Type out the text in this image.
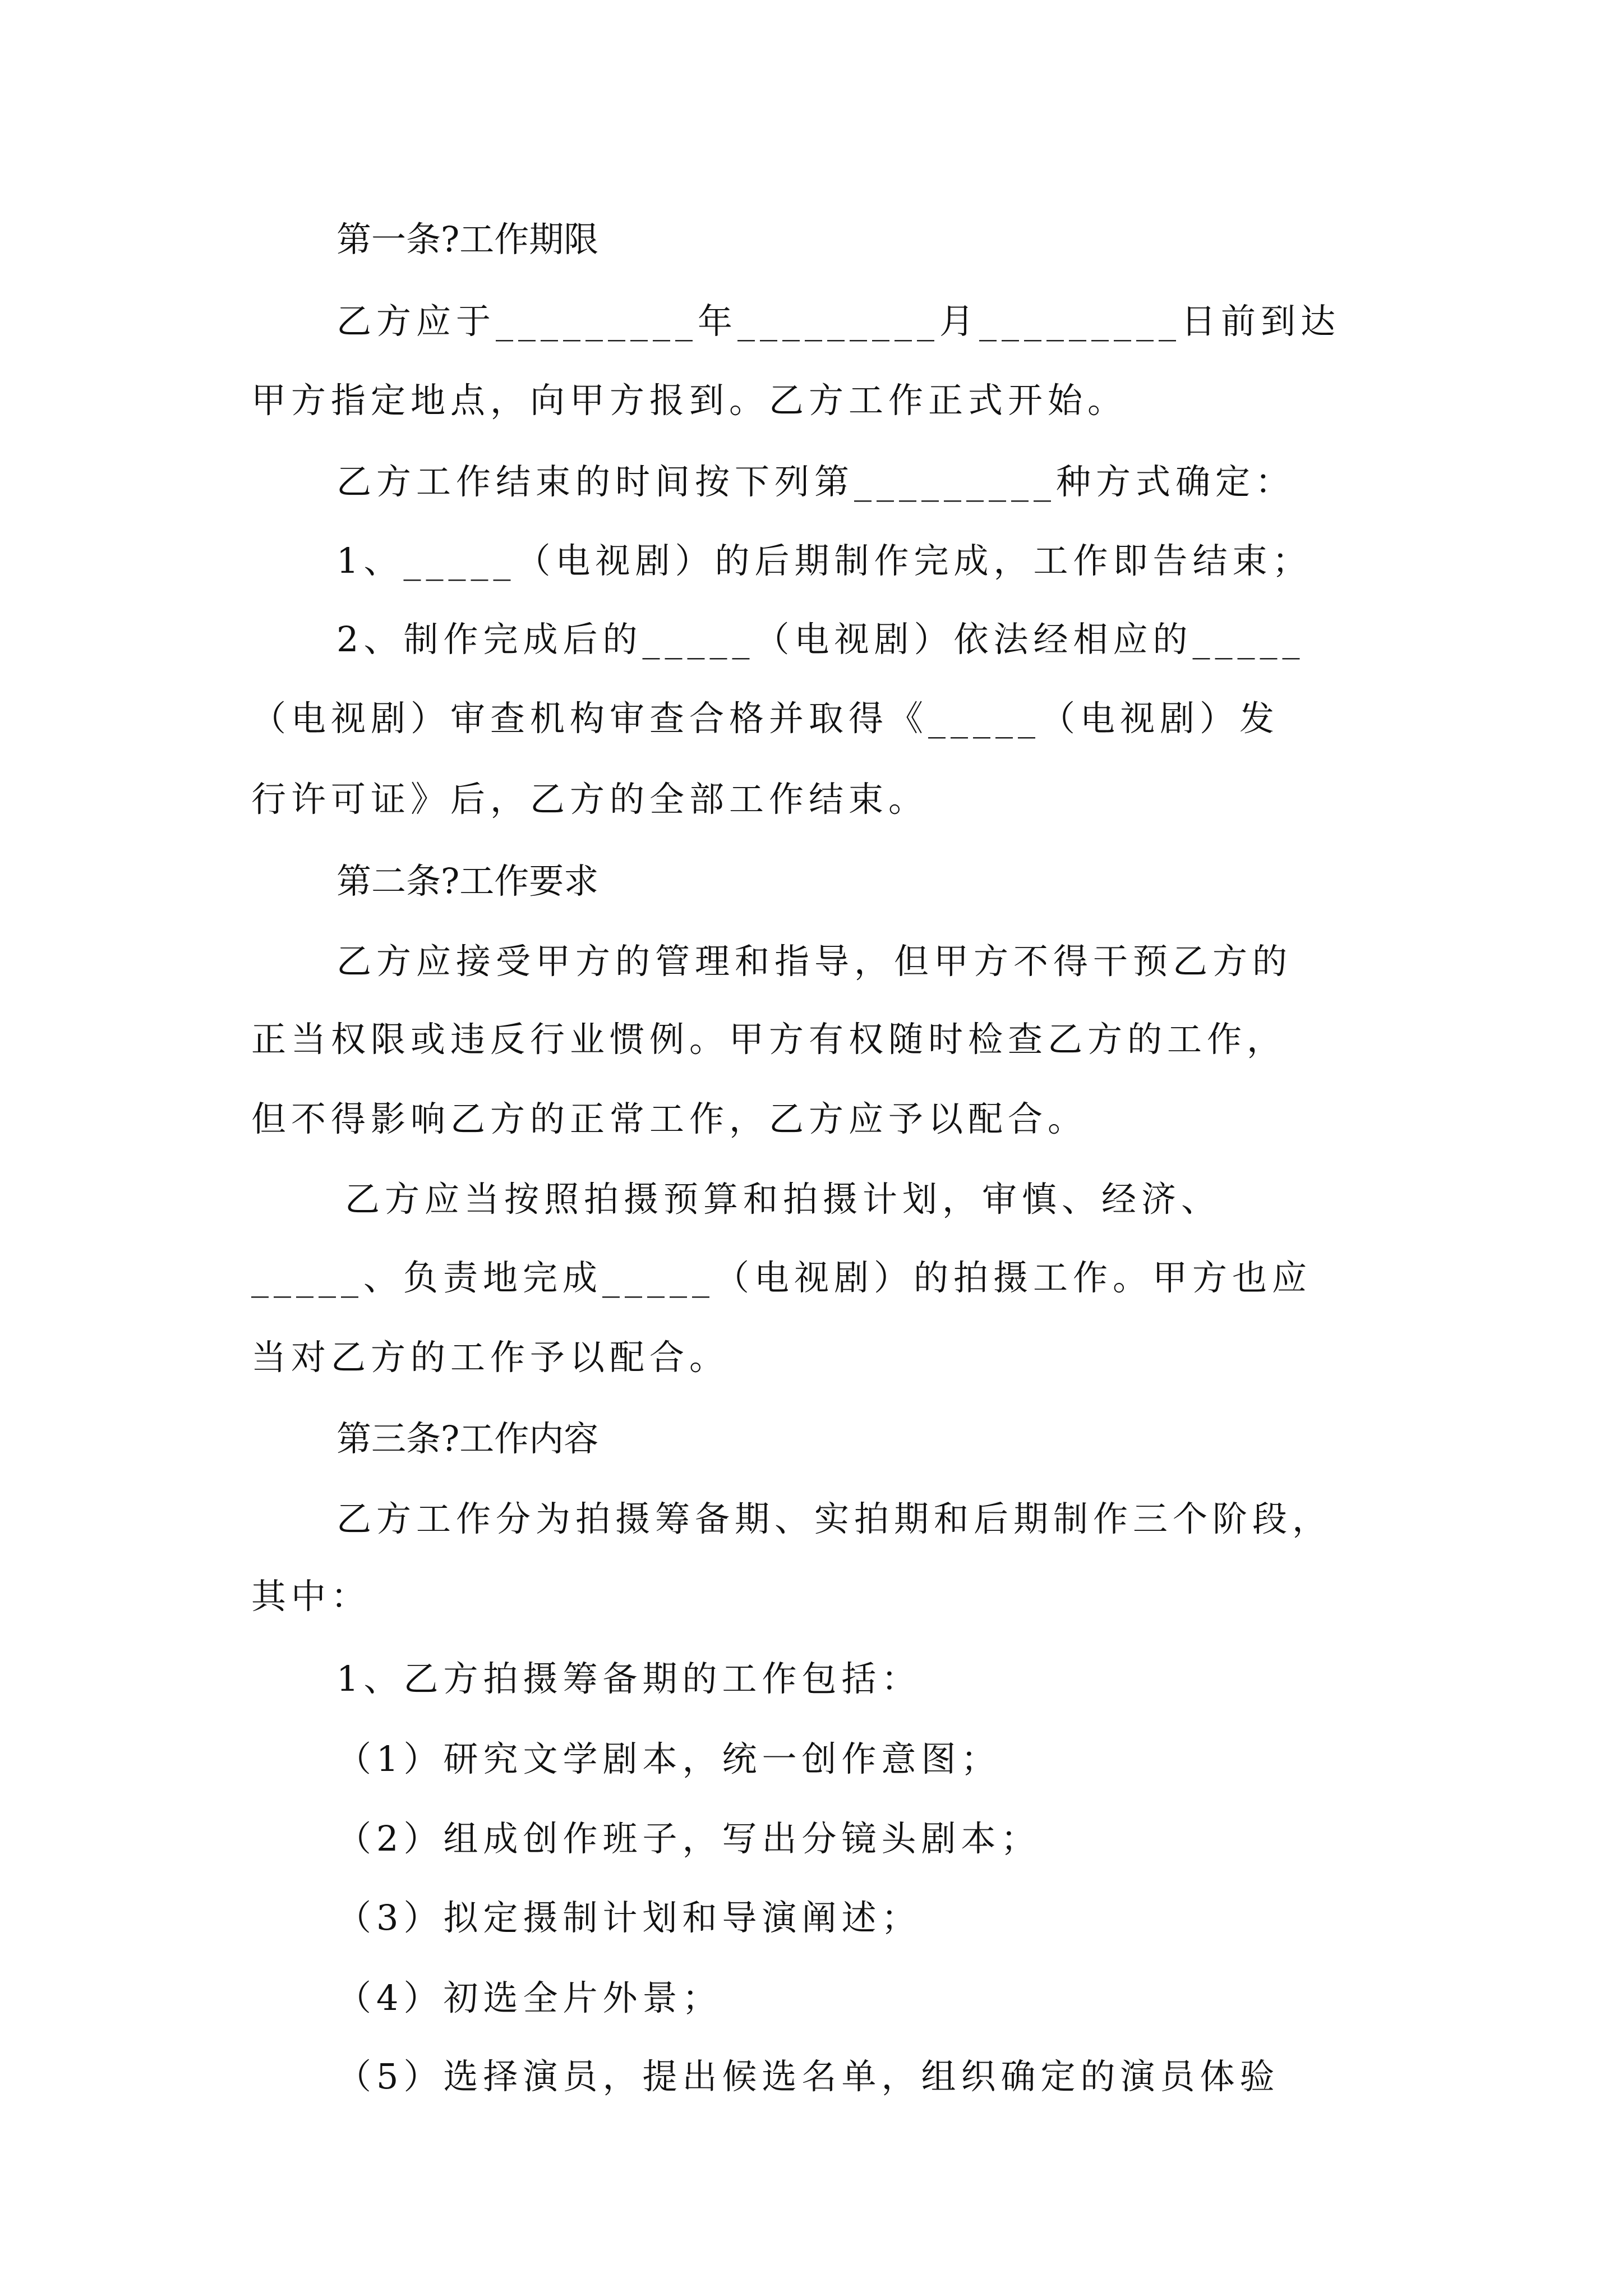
第一条?工作期限

乙方应于_________年_________月_________日前到达

甲方指定地点，向甲方报到。乙方工作正式开始。

乙方工作结束的时间按下列第_________种方式确定：

1、_____（电视剧）的后期制作完成，工作即告结束；

2、制作完成后的_____（电视剧）依法经相应的_____

（电视剧）审查机构审查合格并取得《_____（电视剧）发

行许可证》后，乙方的全部工作结束。

第二条?工作要求

乙方应接受甲方的管理和指导，但甲方不得干预乙方的

正当权限或违反行业惯例。甲方有权随时检查乙方的工作，

但不得影响乙方的正常工作，乙方应予以配合。

乙方应当按照拍摄预算和拍摄计划，审慎、经济、

_____、负责地完成_____（电视剧）的拍摄工作。甲方也应

当对乙方的工作予以配合。

第三条?工作内容

乙方工作分为拍摄筹备期、实拍期和后期制作三个阶段，

其中：

1、乙方拍摄筹备期的工作包括：

（1）研究文学剧本，统一创作意图；

（2）组成创作班子，写出分镜头剧本；

（3）拟定摄制计划和导演阐述；

（4）初选全片外景；

（5）选择演员，提出候选名单，组织确定的演员体验
